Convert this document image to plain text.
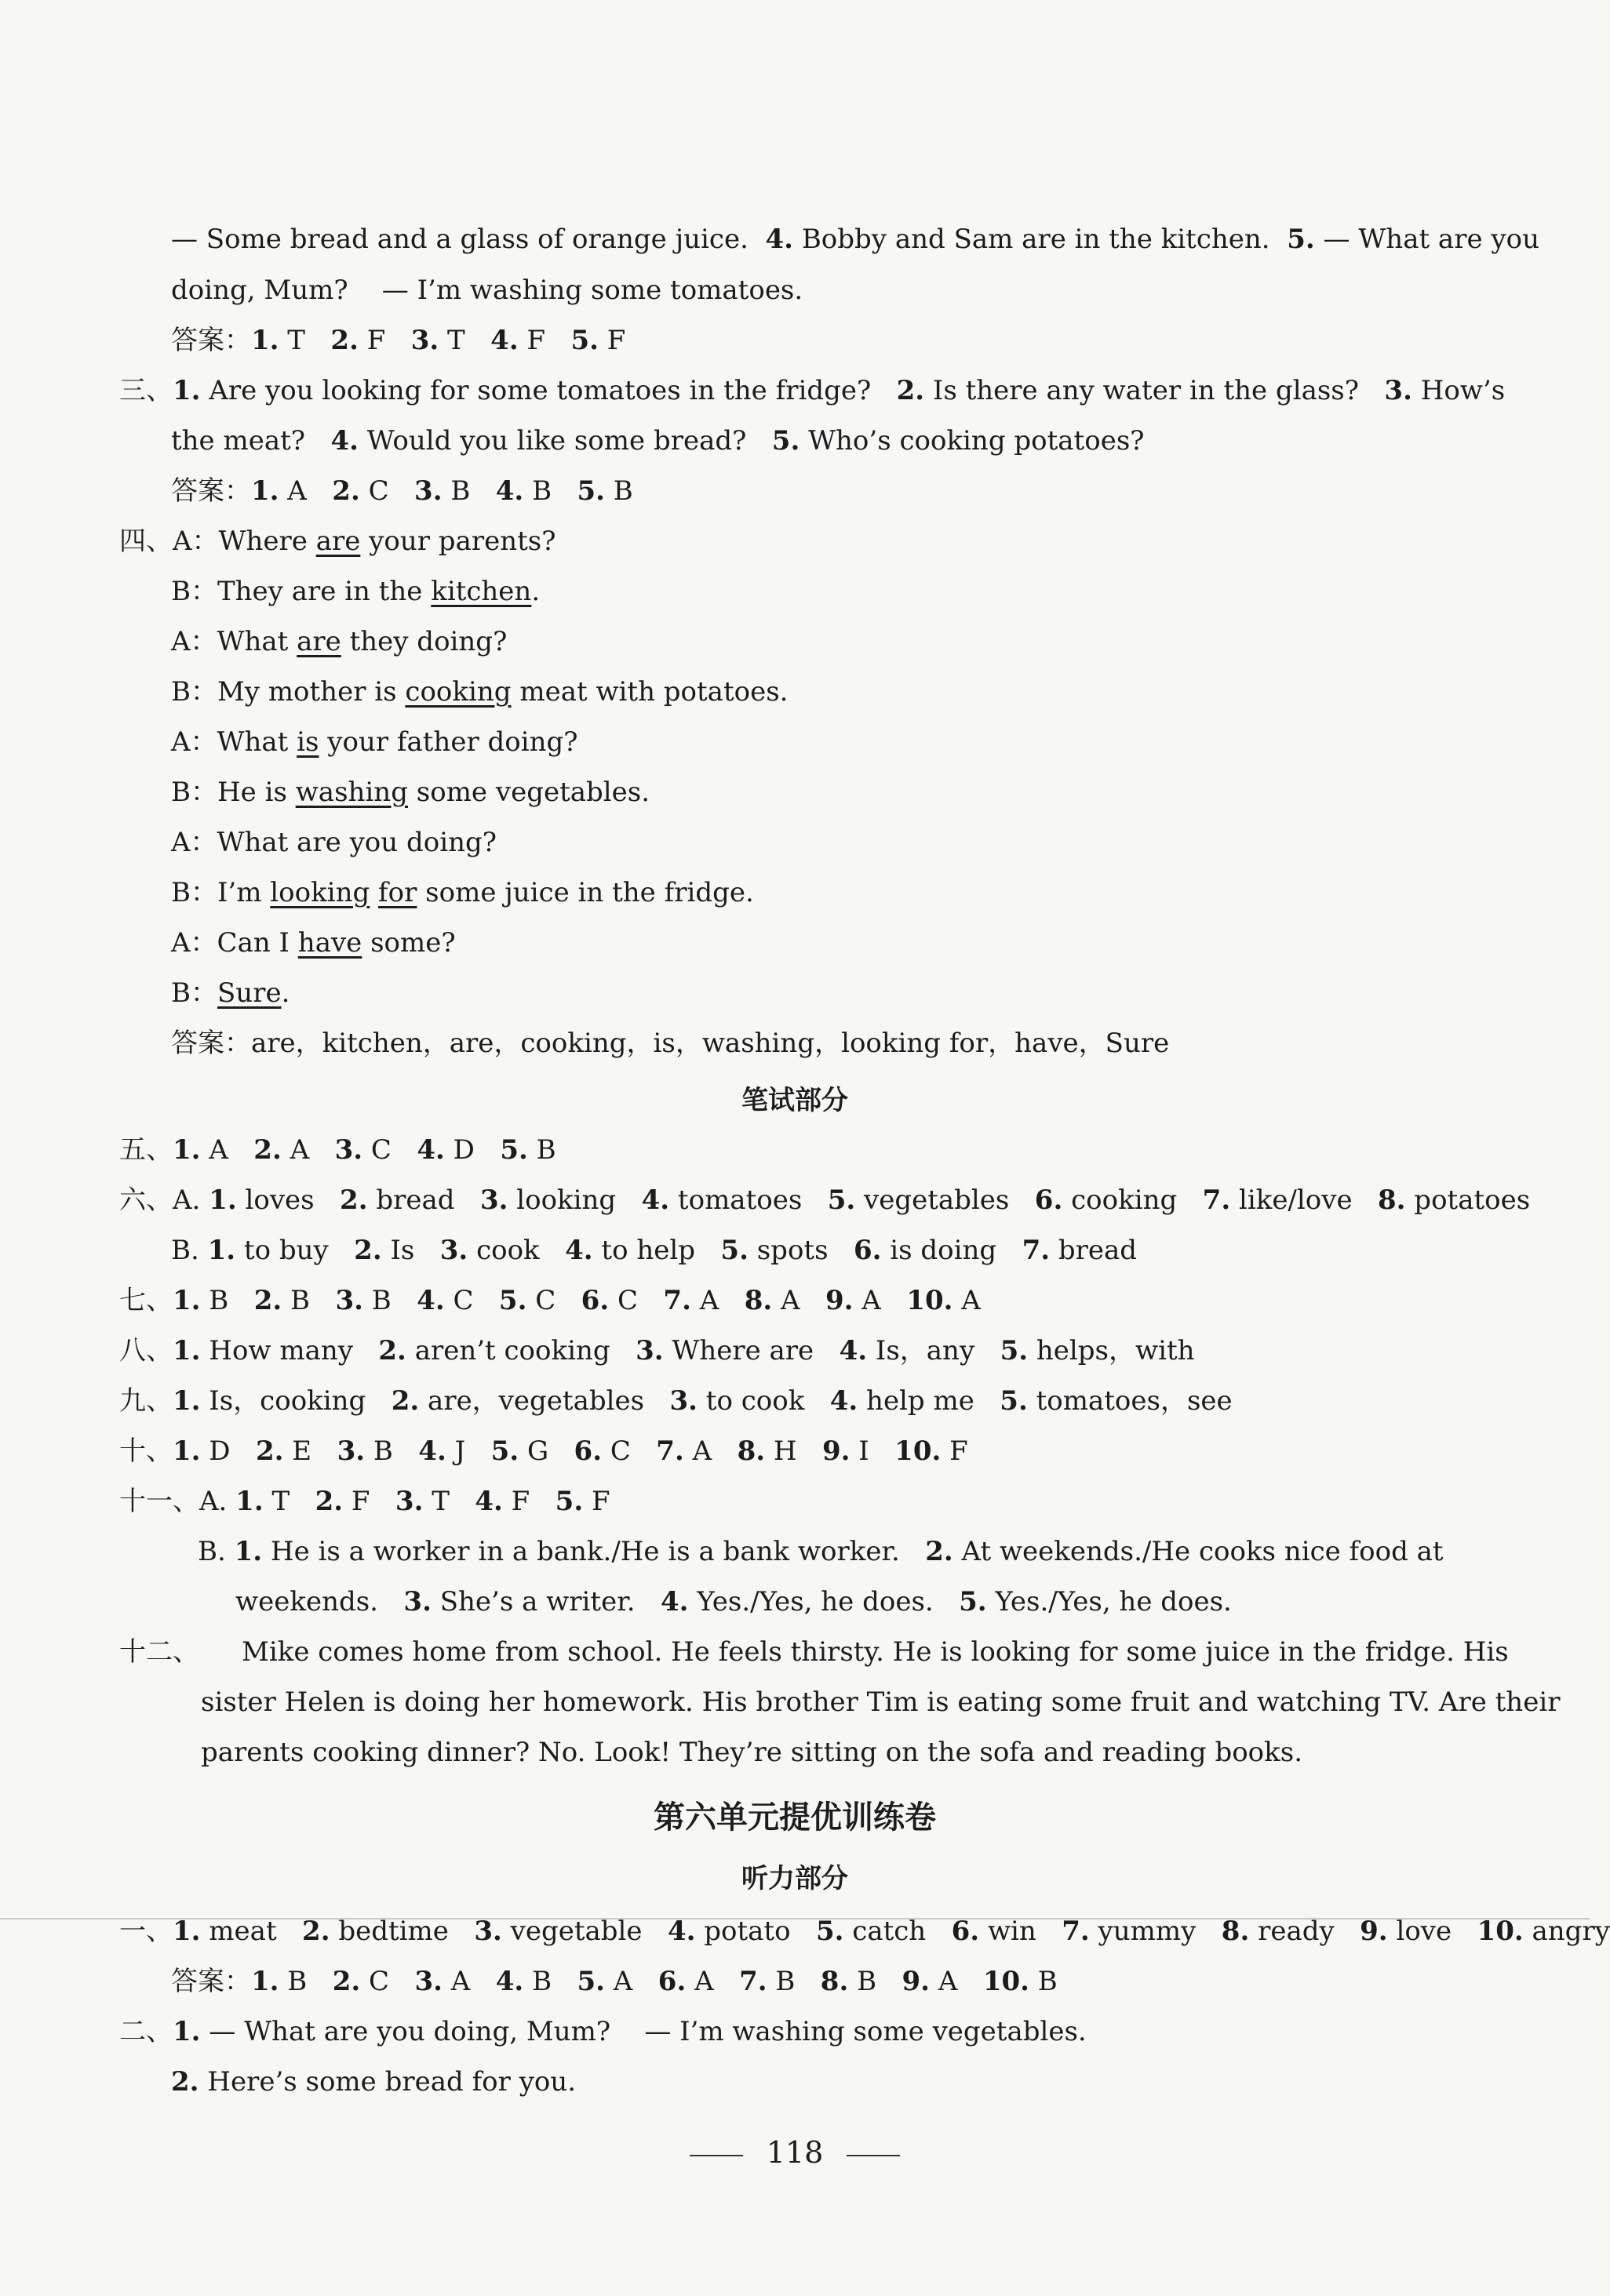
— Some bread and a glass of orange juice. 4. Bobby and Sam are in the kitchen. 5. — What are you
doing, Mum?    — I’m washing some tomatoes.
答案：1. T   2. F   3. T   4. F   5. F
三、1. Are you looking for some tomatoes in the fridge?   2. Is there any water in the glass?   3. How’s
the meat?   4. Would you like some bread?   5. Who’s cooking potatoes?
答案：1. A   2. C   3. B   4. B   5. B
四、A：Where are your parents?
B：They are in the kitchen.
A：What are they doing?
B：My mother is cooking meat with potatoes.
A：What is your father doing?
B：He is washing some vegetables.
A：What are you doing?
B：I’m looking for some juice in the fridge.
A：Can I have some?
B：Sure.
答案：are，kitchen，are，cooking，is，washing，looking for，have，Sure
五、1. A   2. A   3. C   4. D   5. B
六、A. 1. loves   2. bread   3. looking   4. tomatoes   5. vegetables   6. cooking   7. like/love   8. potatoes
B. 1. to buy   2. Is   3. cook   4. to help   5. spots   6. is doing   7. bread
七、1. B   2. B   3. B   4. C   5. C   6. C   7. A   8. A   9. A   10. A
八、1. How many   2. aren’t cooking   3. Where are   4. Is，any   5. helps，with
九、1. Is，cooking   2. are，vegetables   3. to cook   4. help me   5. tomatoes，see
十、1. D   2. E   3. B   4. J   5. G   6. C   7. A   8. H   9. I   10. F
十一、A. 1. T   2. F   3. T   4. F   5. F
B. 1. He is a worker in a bank./He is a bank worker.   2. At weekends./He cooks nice food at
weekends.   3. She’s a writer.   4. Yes./Yes, he does.   5. Yes./Yes, he does.
十二、     Mike comes home from school. He feels thirsty. He is looking for some juice in the fridge. His
sister Helen is doing her homework. His brother Tim is eating some fruit and watching TV. Are their
parents cooking dinner? No. Look! They’re sitting on the sofa and reading books.
一、1. meat   2. bedtime   3. vegetable   4. potato   5. catch   6. win   7. yummy   8. ready   9. love   10. angry
答案：1. B   2. C   3. A   4. B   5. A   6. A   7. B   8. B   9. A   10. B
二、1. — What are you doing, Mum?    — I’m washing some vegetables.
2. Here’s some bread for you.
笔试部分
第六单元提优训练卷
听力部分
118
